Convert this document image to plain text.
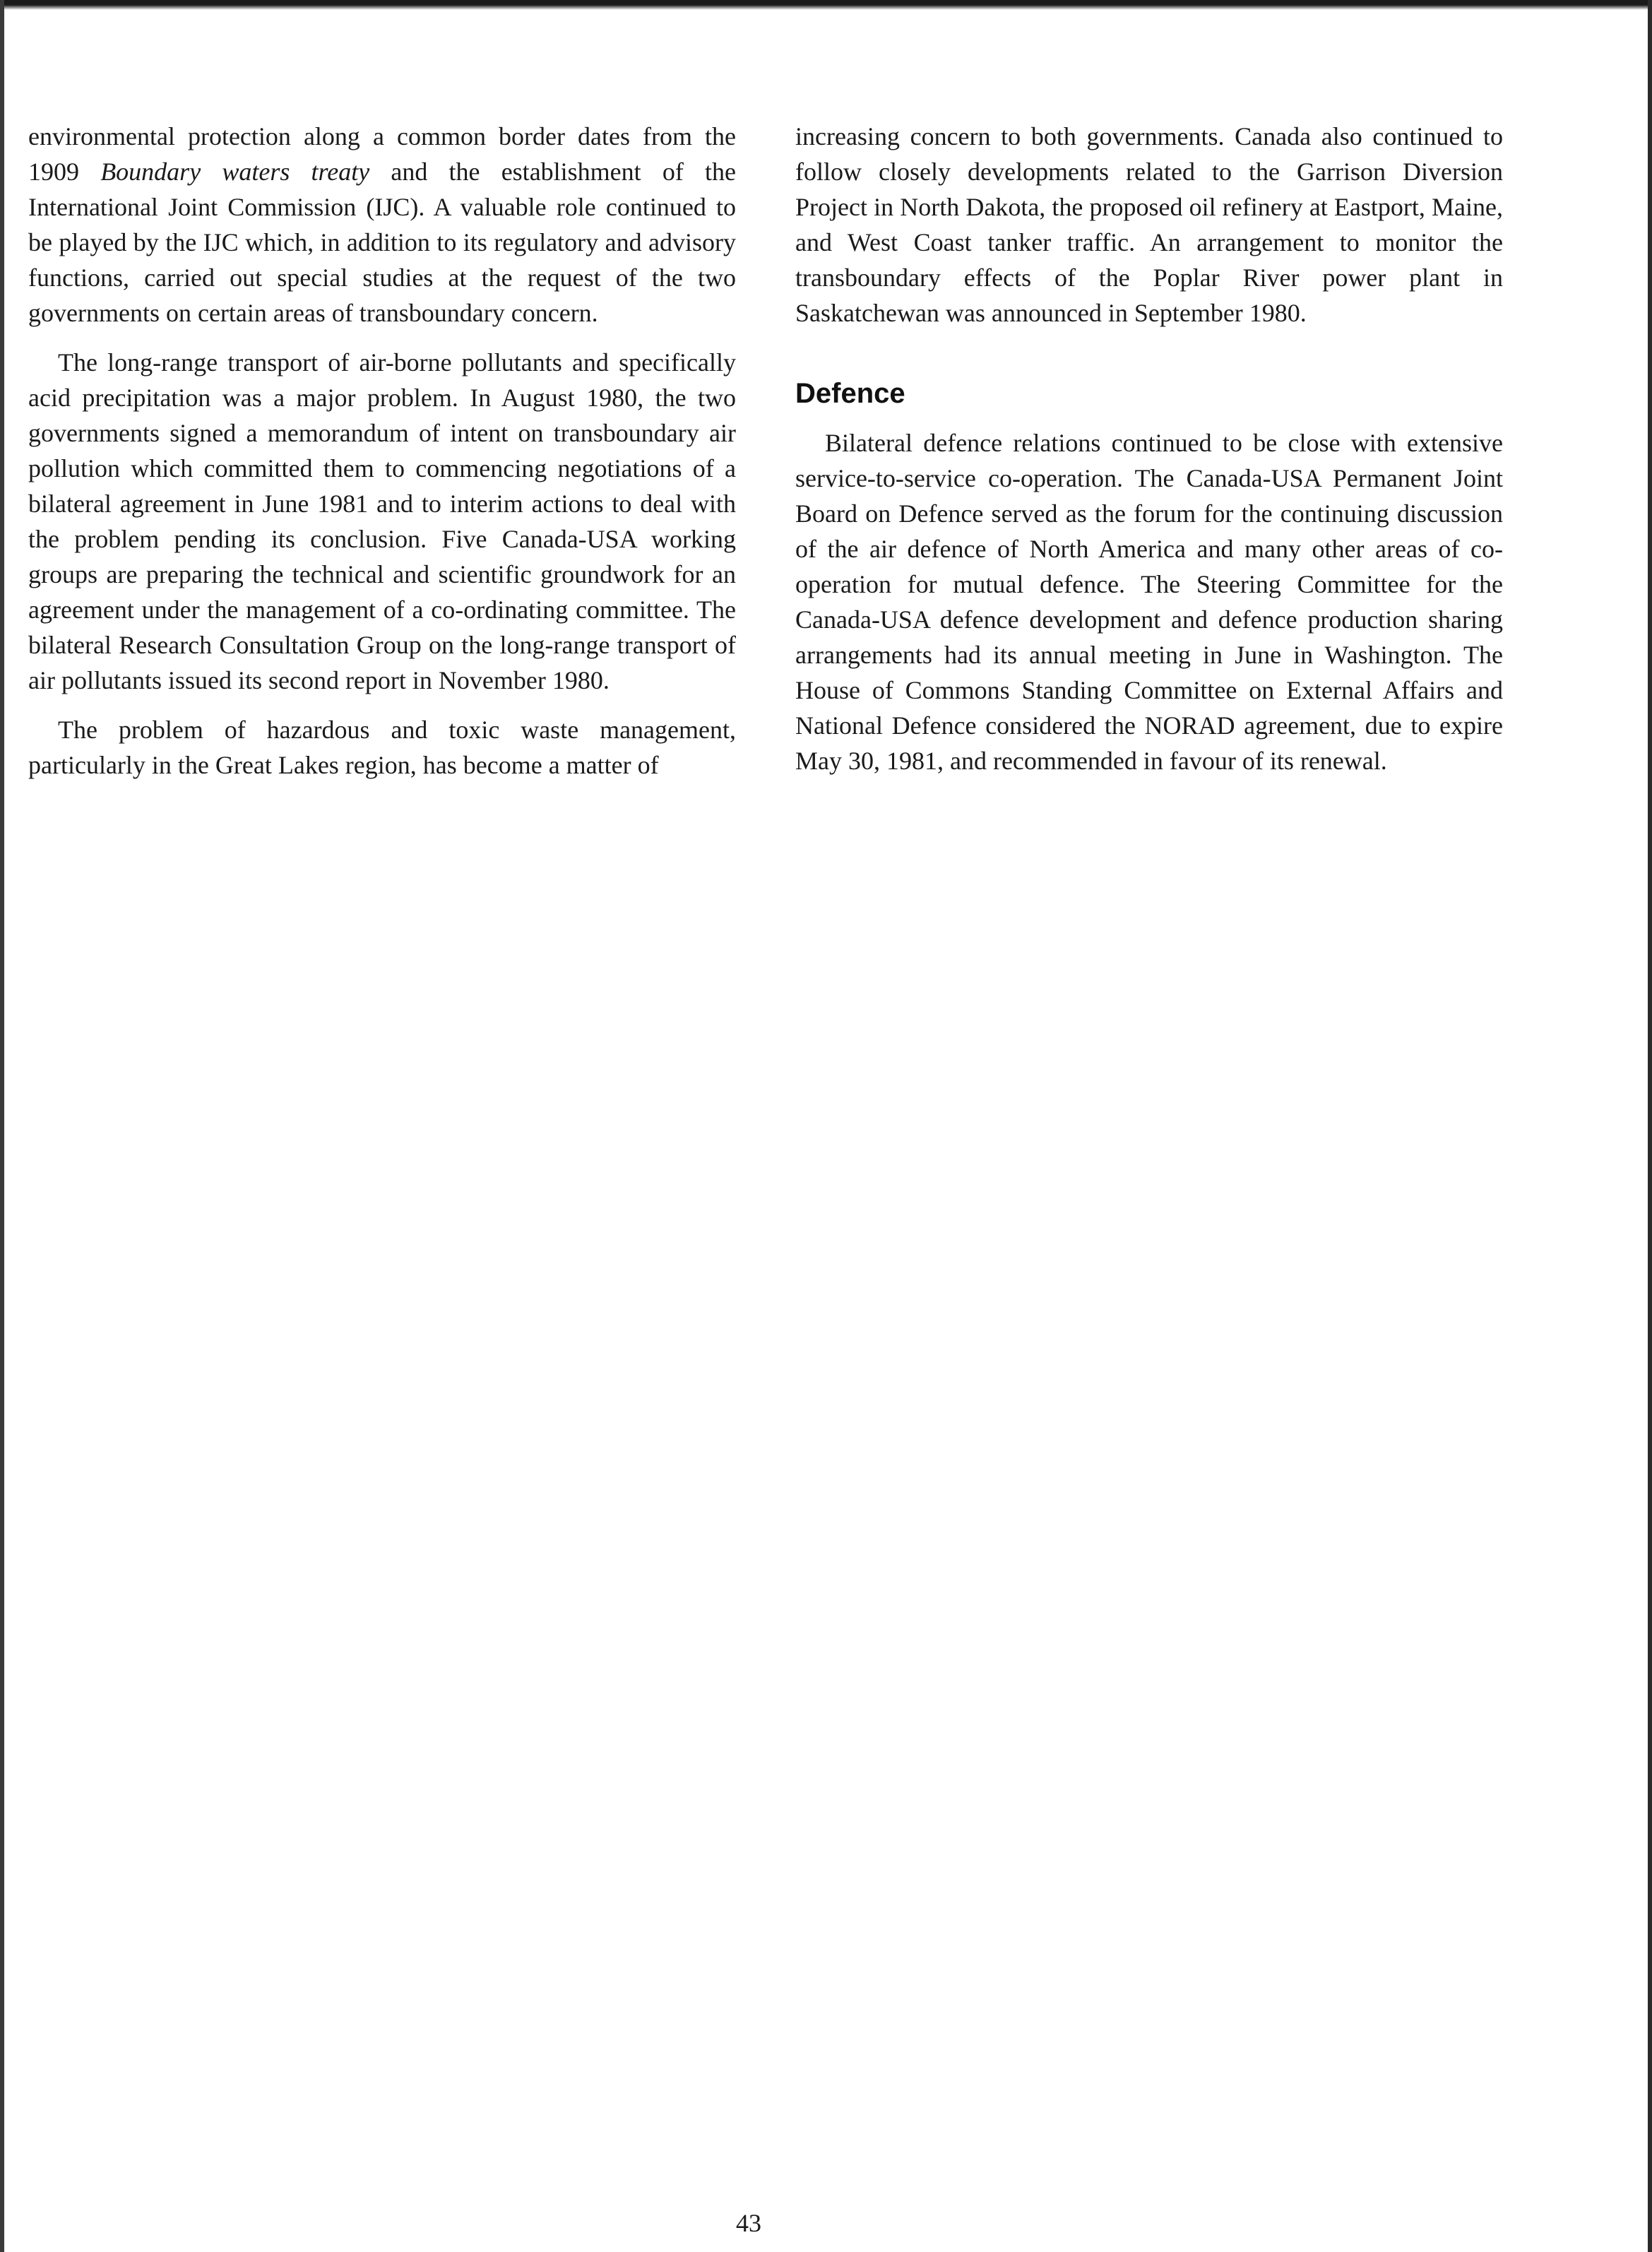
environmental protection along a common border dates from the 1909 Boundary waters treaty and the establishment of the International Joint Commission (IJC). A valuable role continued to be played by the IJC which, in addition to its regulatory and advisory functions, carried out special studies at the request of the two governments on certain areas of transboundary concern.

The long-range transport of air-borne pollutants and specifically acid precipitation was a major problem. In August 1980, the two governments signed a memorandum of intent on transboundary air pollution which committed them to commencing negotiations of a bilateral agreement in June 1981 and to interim actions to deal with the problem pending its conclusion. Five Canada-USA working groups are preparing the technical and scientific groundwork for an agreement under the management of a co-ordinating committee. The bilateral Research Consultation Group on the long-range transport of air pollutants issued its second report in November 1980.

The problem of hazardous and toxic waste management, particularly in the Great Lakes region, has become a matter of

increasing concern to both governments. Canada also continued to follow closely developments related to the Garrison Diversion Project in North Dakota, the proposed oil refinery at Eastport, Maine, and West Coast tanker traffic. An arrangement to monitor the transboundary effects of the Poplar River power plant in Saskatchewan was announced in September 1980.

Defence

Bilateral defence relations continued to be close with extensive service-to-service co-operation. The Canada-USA Permanent Joint Board on Defence served as the forum for the continuing discussion of the air defence of North America and many other areas of co-operation for mutual defence. The Steering Committee for the Canada-USA defence development and defence production sharing arrangements had its annual meeting in June in Washington. The House of Commons Standing Committee on External Affairs and National Defence considered the NORAD agreement, due to expire May 30, 1981, and recommended in favour of its renewal.

43
